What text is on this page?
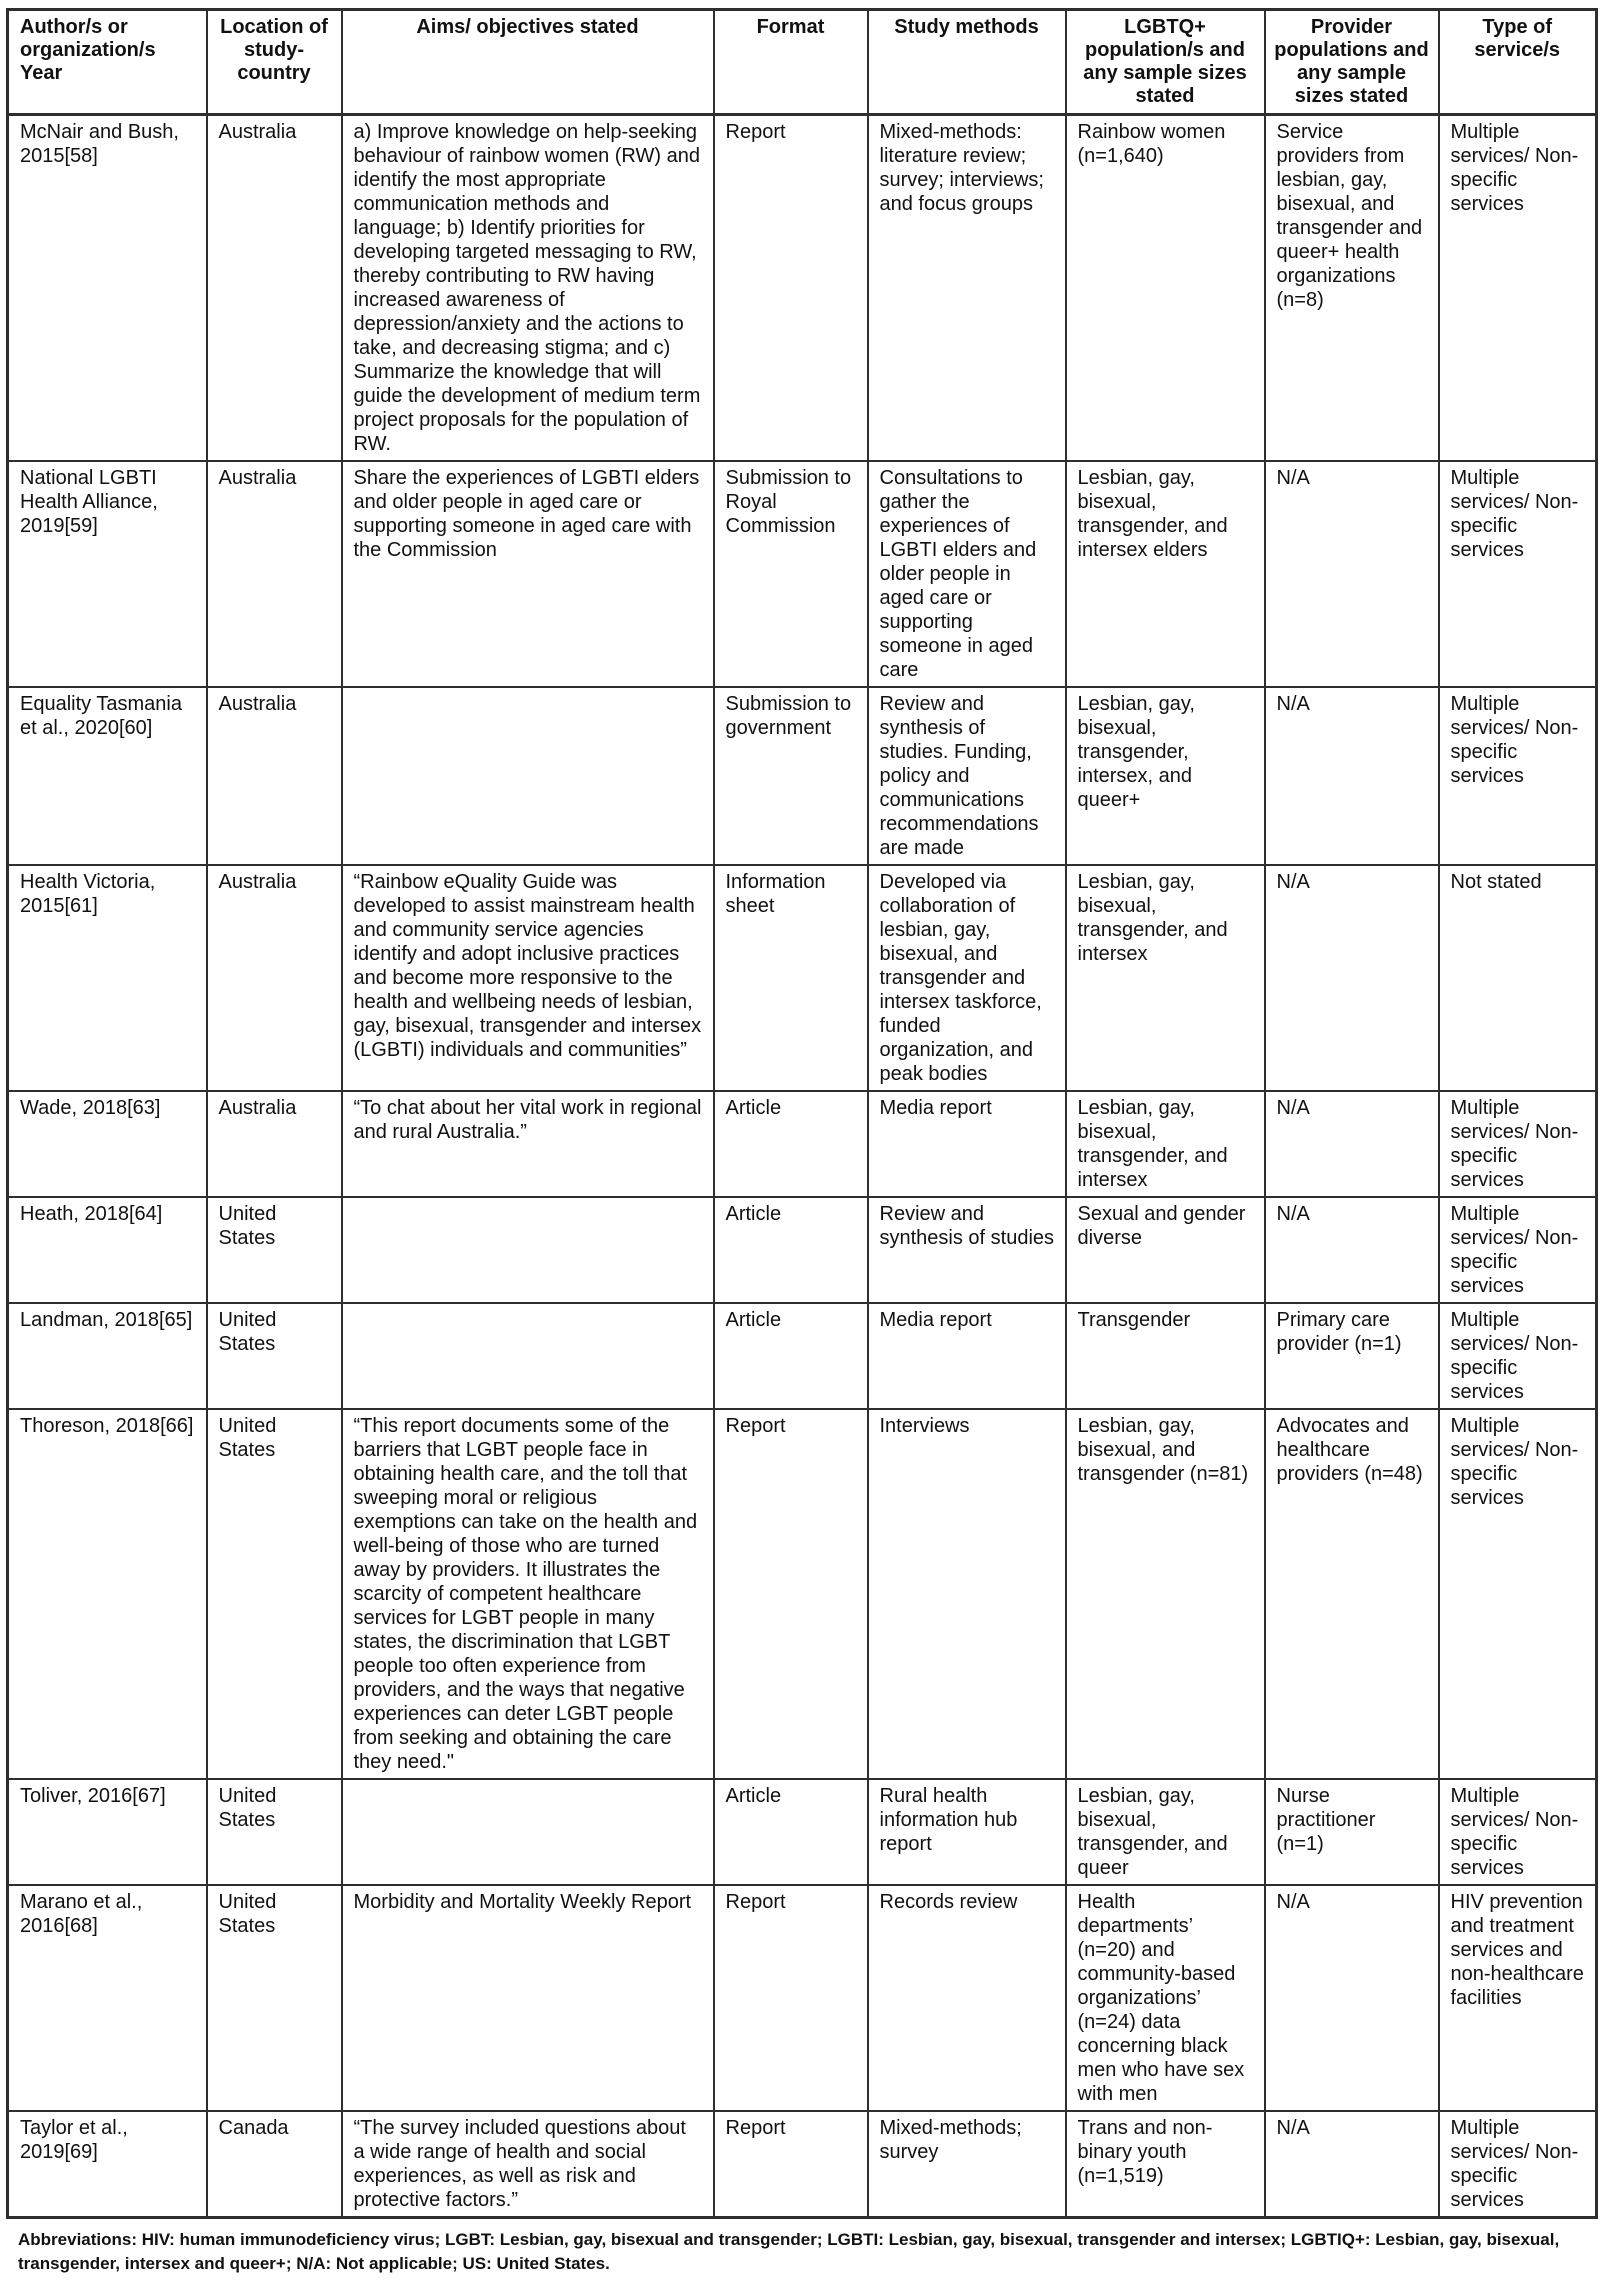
Author/s or organization/s Year	Location of study-country	Aims/ objectives stated	Format	Study methods	LGBTQ+ population/s and any sample sizes stated	Provider populations and any sample sizes stated	Type of service/s
McNair and Bush, 2015[58]	Australia	a) Improve knowledge on help-seeking behaviour of rainbow women (RW) and identify the most appropriate communication methods and language; b) Identify priorities for developing targeted messaging to RW, thereby contributing to RW having increased awareness of depression/anxiety and the actions to take, and decreasing stigma; and c) Summarize the knowledge that will guide the development of medium term project proposals for the population of RW.	Report	Mixed-methods: literature review; survey; interviews; and focus groups	Rainbow women (n=1,640)	Service providers from lesbian, gay, bisexual, and transgender and queer+ health organizations (n=8)	Multiple services/ Non-specific services
National LGBTI Health Alliance, 2019[59]	Australia	Share the experiences of LGBTI elders and older people in aged care or supporting someone in aged care with the Commission	Submission to Royal Commission	Consultations to gather the experiences of LGBTI elders and older people in aged care or supporting someone in aged care	Lesbian, gay, bisexual, transgender, and intersex elders	N/A	Multiple services/ Non-specific services
Equality Tasmania et al., 2020[60]	Australia		Submission to government	Review and synthesis of studies. Funding, policy and communications recommendations are made	Lesbian, gay, bisexual, transgender, intersex, and queer+	N/A	Multiple services/ Non-specific services
Health Victoria, 2015[61]	Australia	“Rainbow eQuality Guide was developed to assist mainstream health and community service agencies identify and adopt inclusive practices and become more responsive to the health and wellbeing needs of lesbian, gay, bisexual, transgender and intersex (LGBTI) individuals and communities”	Information sheet	Developed via collaboration of lesbian, gay, bisexual, and transgender and intersex taskforce, funded organization, and peak bodies	Lesbian, gay, bisexual, transgender, and intersex	N/A	Not stated
Wade, 2018[63]	Australia	“To chat about her vital work in regional and rural Australia.”	Article	Media report	Lesbian, gay, bisexual, transgender, and intersex	N/A	Multiple services/ Non-specific services
Heath, 2018[64]	United States		Article	Review and synthesis of studies	Sexual and gender diverse	N/A	Multiple services/ Non-specific services
Landman, 2018[65]	United States		Article	Media report	Transgender	Primary care provider (n=1)	Multiple services/ Non-specific services
Thoreson, 2018[66]	United States	“This report documents some of the barriers that LGBT people face in obtaining health care, and the toll that sweeping moral or religious exemptions can take on the health and well-being of those who are turned away by providers. It illustrates the scarcity of competent healthcare services for LGBT people in many states, the discrimination that LGBT people too often experience from providers, and the ways that negative experiences can deter LGBT people from seeking and obtaining the care they need."	Report	Interviews	Lesbian, gay, bisexual, and transgender (n=81)	Advocates and healthcare providers (n=48)	Multiple services/ Non-specific services
Toliver, 2016[67]	United States		Article	Rural health information hub report	Lesbian, gay, bisexual, transgender, and queer	Nurse practitioner (n=1)	Multiple services/ Non-specific services
Marano et al., 2016[68]	United States	Morbidity and Mortality Weekly Report	Report	Records review	Health departments’ (n=20) and community-based organizations’ (n=24) data concerning black men who have sex with men	N/A	HIV prevention and treatment services and non-healthcare facilities
Taylor et al., 2019[69]	Canada	“The survey included questions about a wide range of health and social experiences, as well as risk and protective factors.”	Report	Mixed-methods; survey	Trans and non-binary youth (n=1,519)	N/A	Multiple services/ Non-specific services
Abbreviations: HIV: human immunodeficiency virus; LGBT: Lesbian, gay, bisexual and transgender; LGBTI: Lesbian, gay, bisexual, transgender and intersex; LGBTIQ+: Lesbian, gay, bisexual, transgender, intersex and queer+; N/A: Not applicable; US: United States.
